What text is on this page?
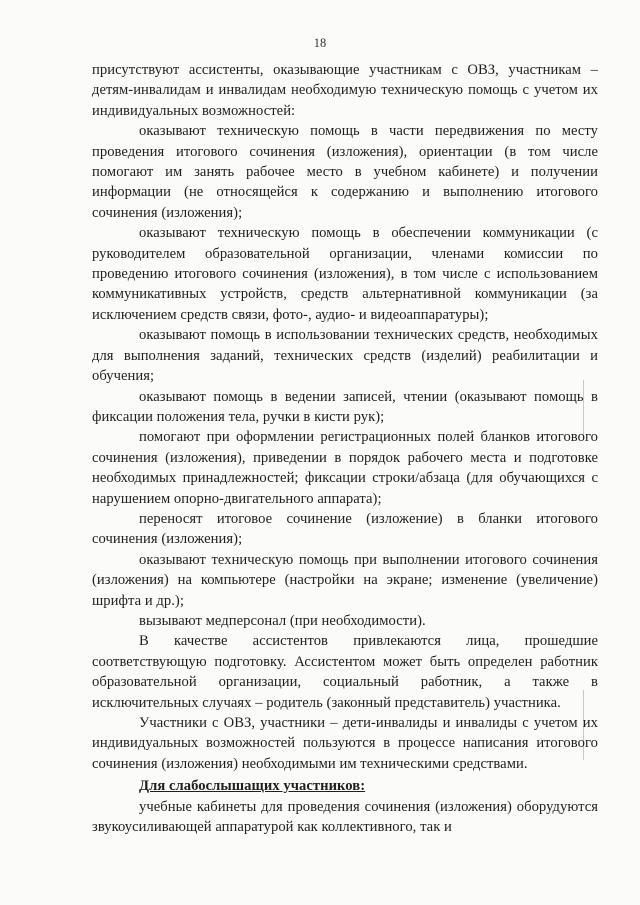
18

присутствуют ассистенты, оказывающие участникам с ОВЗ, участникам – детям-инвалидам и инвалидам необходимую техническую помощь с учетом их индивидуальных возможностей:

оказывают техническую помощь в части передвижения по месту проведения итогового сочинения (изложения), ориентации (в том числе помогают им занять рабочее место в учебном кабинете) и получении информации (не относящейся к содержанию и выполнению итогового сочинения (изложения);

оказывают техническую помощь в обеспечении коммуникации (с руководителем образовательной организации, членами комиссии по проведению итогового сочинения (изложения), в том числе с использованием коммуникативных устройств, средств альтернативной коммуникации (за исключением средств связи, фото-, аудио- и видеоаппаратуры);

оказывают помощь в использовании технических средств, необходимых для выполнения заданий, технических средств (изделий) реабилитации и обучения;

оказывают помощь в ведении записей, чтении (оказывают помощь в фиксации положения тела, ручки в кисти рук);

помогают при оформлении регистрационных полей бланков итогового сочинения (изложения), приведении в порядок рабочего места и подготовке необходимых принадлежностей; фиксации строки/абзаца (для обучающихся с нарушением опорно-двигательного аппарата);

переносят итоговое сочинение (изложение) в бланки итогового сочинения (изложения);

оказывают техническую помощь при выполнении итогового сочинения (изложения) на компьютере (настройки на экране; изменение (увеличение) шрифта и др.);

вызывают медперсонал (при необходимости).

В качестве ассистентов привлекаются лица, прошедшие соответствующую подготовку. Ассистентом может быть определен работник образовательной организации, социальный работник, а также в исключительных случаях – родитель (законный представитель) участника.

Участники с ОВЗ, участники – дети-инвалиды и инвалиды с учетом их индивидуальных возможностей пользуются в процессе написания итогового сочинения (изложения) необходимыми им техническими средствами.

Для слабослышащих участников:

учебные кабинеты для проведения сочинения (изложения) оборудуются звукоусиливающей аппаратурой как коллективного, так и
